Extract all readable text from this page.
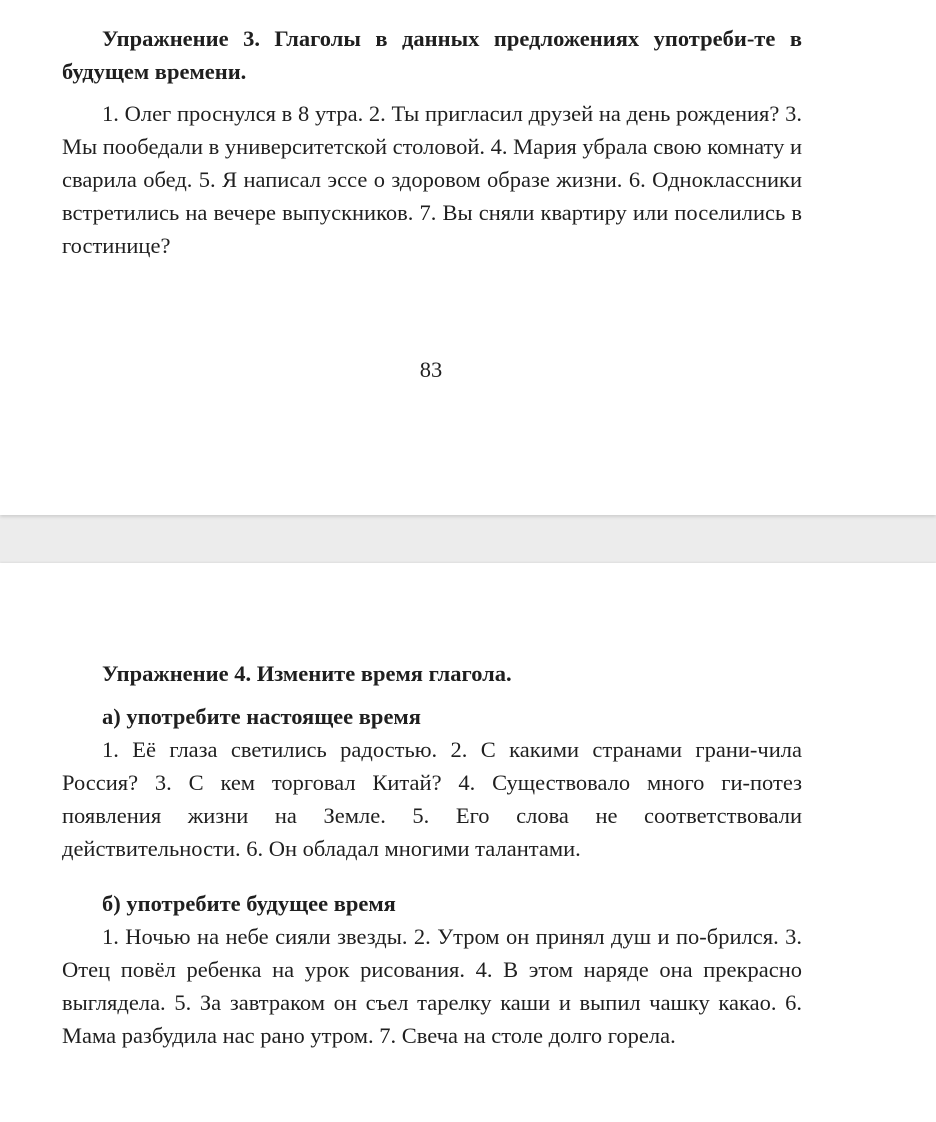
Упражнение 3. Глаголы в данных предложениях употреби-те в будущем времени.

1. Олег проснулся в 8 утра. 2. Ты пригласил друзей на день рождения? 3. Мы пообедали в университетской столовой. 4. Мария убрала свою комнату и сварила обед. 5. Я написал эссе о здоровом образе жизни. 6. Одноклассники встретились на вечере выпускников. 7. Вы сняли квартиру или поселились в гостинице?

83

Упражнение 4. Измените время глагола.

а) употребите настоящее время

1. Её глаза светились радостью. 2. С какими странами грани-чила Россия? 3. С кем торговал Китай? 4. Существовало много ги-потез появления жизни на Земле. 5. Его слова не соответствовали действительности. 6. Он обладал многими талантами.

б) употребите будущее время

1. Ночью на небе сияли звезды. 2. Утром он принял душ и по-брился. 3. Отец повёл ребенка на урок рисования. 4. В этом наряде она прекрасно выглядела. 5. За завтраком он съел тарелку каши и выпил чашку какао. 6. Мама разбудила нас рано утром. 7. Свеча на столе долго горела.
